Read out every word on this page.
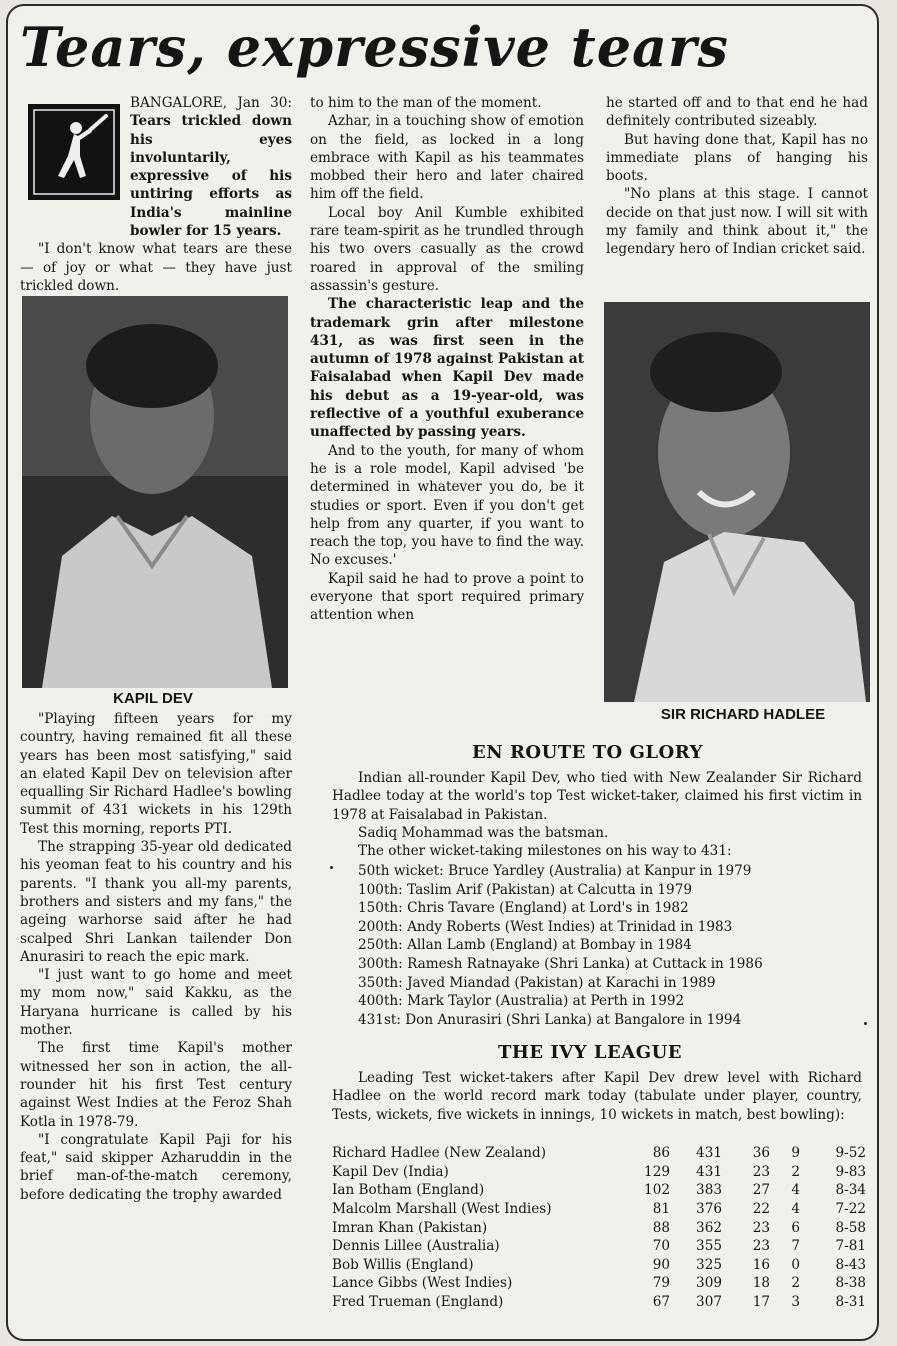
Tears, expressive tears

BANGALORE, Jan 30: Tears trickled down his eyes involuntarily, expressive of his untiring efforts as India's mainline bowler for 15 years.

"I don't know what tears are these — of joy or what — they have just trickled down.

KAPIL DEV

"Playing fifteen years for my country, having remained fit all these years has been most satisfying," said an elated Kapil Dev on television after equalling Sir Richard Hadlee's bowling summit of 431 wickets in his 129th Test this morning, reports PTI.

The strapping 35-year old dedicated his yeoman feat to his country and his parents. "I thank you all-my parents, brothers and sisters and my fans," the ageing warhorse said after he had scalped Shri Lankan tailender Don Anurasiri to reach the epic mark.

"I just want to go home and meet my mom now," said Kakku, as the Haryana hurricane is called by his mother.

The first time Kapil's mother witnessed her son in action, the all-rounder hit his first Test century against West Indies at the Feroz Shah Kotla in 1978-79.

"I congratulate Kapil Paji for his feat," said skipper Azharuddin in the brief man-of-the-match ceremony, before dedicating the trophy awarded

to him to the man of the moment.

Azhar, in a touching show of emotion on the field, as locked in a long embrace with Kapil as his teammates mobbed their hero and later chaired him off the field.

Local boy Anil Kumble exhibited rare team-spirit as he trundled through his two overs casually as the crowd roared in approval of the smiling assassin's gesture.

The characteristic leap and the trademark grin after milestone 431, as was first seen in the autumn of 1978 against Pakistan at Faisalabad when Kapil Dev made his debut as a 19-year-old, was reflective of a youthful exuberance unaffected by passing years.

And to the youth, for many of whom he is a role model, Kapil advised 'be determined in whatever you do, be it studies or sport. Even if you don't get help from any quarter, if you want to reach the top, you have to find the way. No excuses.'

Kapil said he had to prove a point to everyone that sport required primary attention when

he started off and to that end he had definitely contributed sizeably.

But having done that, Kapil has no immediate plans of hanging his boots.

"No plans at this stage. I cannot decide on that just now. I will sit with my family and think about it," the legendary hero of Indian cricket said.

SIR RICHARD HADLEE
EN ROUTE TO GLORY

Indian all-rounder Kapil Dev, who tied with New Zealander Sir Richard Hadlee today at the world's top Test wicket-taker, claimed his first victim in 1978 at Faisalabad in Pakistan.

Sadiq Mohammad was the batsman.

The other wicket-taking milestones on his way to 431:

50th wicket: Bruce Yardley (Australia) at Kanpur in 1979
100th: Taslim Arif (Pakistan) at Calcutta in 1979
150th: Chris Tavare (England) at Lord's in 1982
200th: Andy Roberts (West Indies) at Trinidad in 1983
250th: Allan Lamb (England) at Bombay in 1984
300th: Ramesh Ratnayake (Shri Lanka) at Cuttack in 1986
350th: Javed Miandad (Pakistan) at Karachi in 1989
400th: Mark Taylor (Australia) at Perth in 1992
431st: Don Anurasiri (Shri Lanka) at Bangalore in 1994
THE IVY LEAGUE

Leading Test wicket-takers after Kapil Dev drew level with Richard Hadlee on the world record mark today (tabulate under player, country, Tests, wickets, five wickets in innings, 10 wickets in match, best bowling):

Richard Hadlee (New Zealand)	86	431	36	9	9-52
Kapil Dev (India)	129	431	23	2	9-83
Ian Botham (England)	102	383	27	4	8-34
Malcolm Marshall (West Indies)	81	376	22	4	7-22
Imran Khan (Pakistan)	88	362	23	6	8-58
Dennis Lillee (Australia)	70	355	23	7	7-81
Bob Willis (England)	90	325	16	0	8-43
Lance Gibbs (West Indies)	79	309	18	2	8-38
Fred Trueman (England)	67	307	17	3	8-31
